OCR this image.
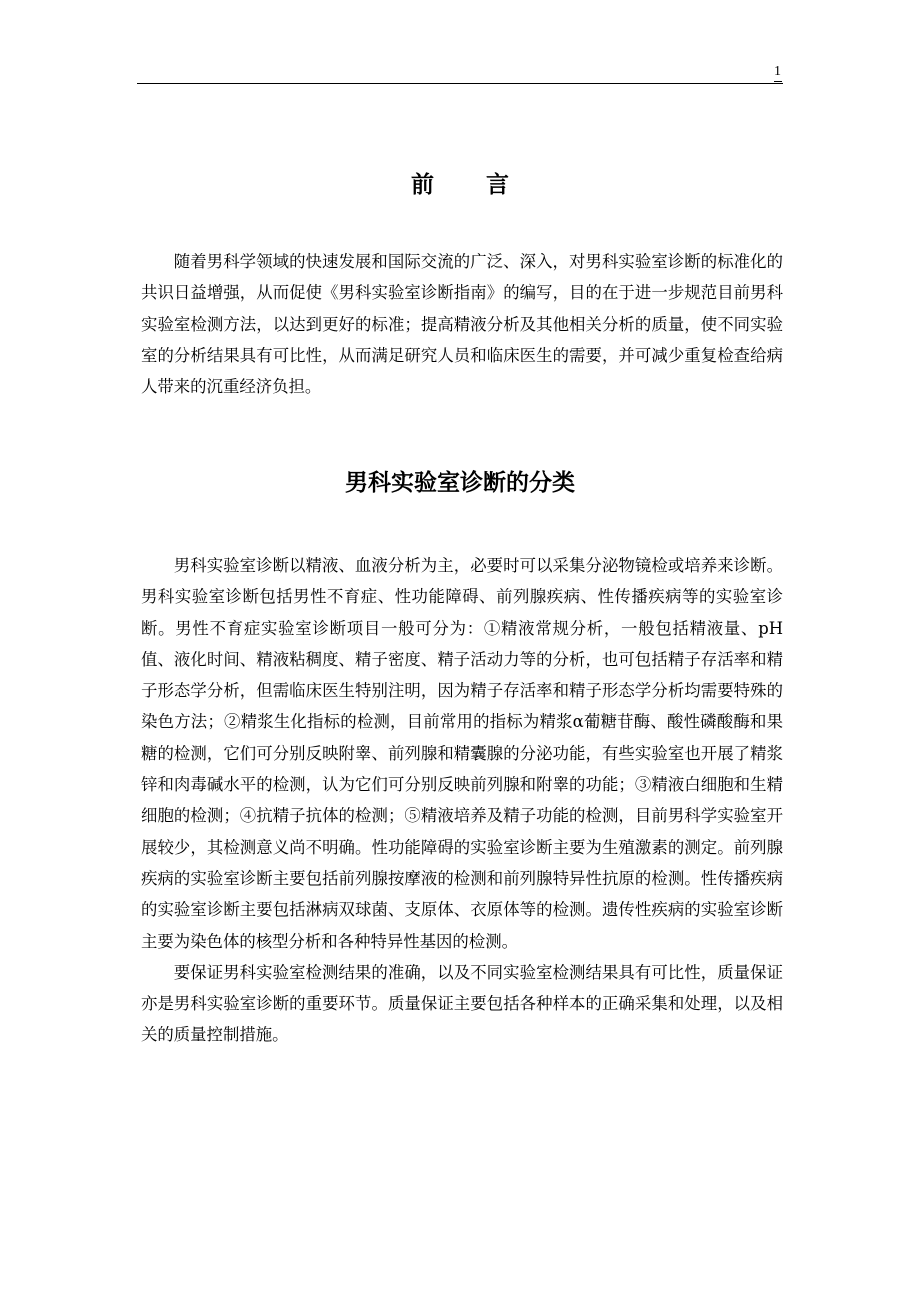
1
前 言

随着男科学领域的快速发展和国际交流的广泛、深入，对男科实验室诊断的标准化的共识日益增强，从而促使《男科实验室诊断指南》的编写，目的在于进一步规范目前男科实验室检测方法，以达到更好的标准；提高精液分析及其他相关分析的质量，使不同实验室的分析结果具有可比性，从而满足研究人员和临床医生的需要，并可减少重复检查给病人带来的沉重经济负担。

男科实验室诊断的分类

男科实验室诊断以精液、血液分析为主，必要时可以采集分泌物镜检或培养来诊断。男科实验室诊断包括男性不育症、性功能障碍、前列腺疾病、性传播疾病等的实验室诊断。男性不育症实验室诊断项目一般可分为：①精液常规分析，一般包括精液量、pH值、液化时间、精液粘稠度、精子密度、精子活动力等的分析，也可包括精子存活率和精子形态学分析，但需临床医生特别注明，因为精子存活率和精子形态学分析均需要特殊的染色方法；②精浆生化指标的检测，目前常用的指标为精浆α葡糖苷酶、酸性磷酸酶和果糖的检测，它们可分别反映附睾、前列腺和精囊腺的分泌功能，有些实验室也开展了精浆锌和肉毒碱水平的检测，认为它们可分别反映前列腺和附睾的功能；③精液白细胞和生精细胞的检测；④抗精子抗体的检测；⑤精液培养及精子功能的检测，目前男科学实验室开展较少，其检测意义尚不明确。性功能障碍的实验室诊断主要为生殖激素的测定。前列腺疾病的实验室诊断主要包括前列腺按摩液的检测和前列腺特异性抗原的检测。性传播疾病的实验室诊断主要包括淋病双球菌、支原体、衣原体等的检测。遗传性疾病的实验室诊断主要为染色体的核型分析和各种特异性基因的检测。

要保证男科实验室检测结果的准确，以及不同实验室检测结果具有可比性，质量保证亦是男科实验室诊断的重要环节。质量保证主要包括各种样本的正确采集和处理，以及相关的质量控制措施。
